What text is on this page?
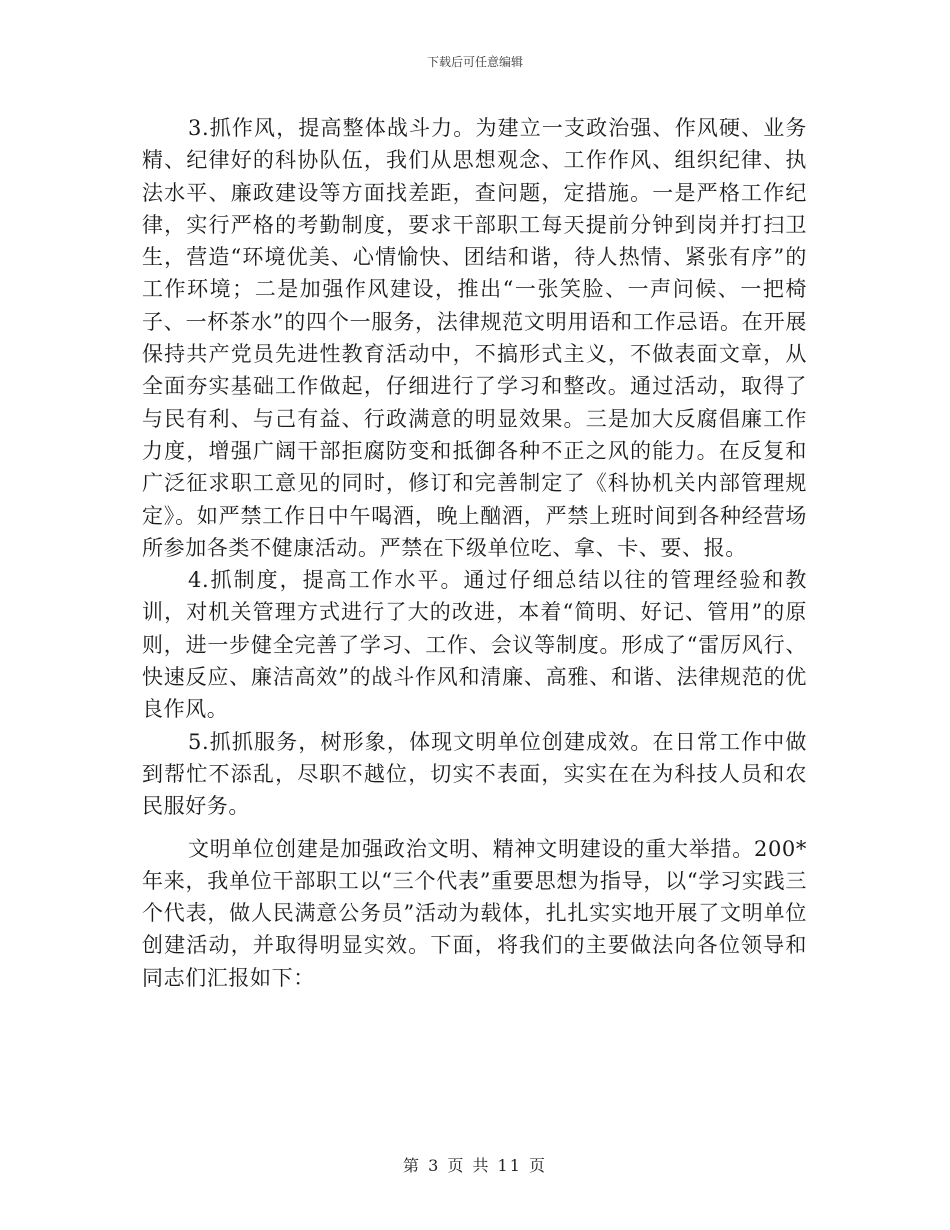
下载后可任意编辑

3.抓作风，提高整体战斗力。为建立一支政治强、作风硬、业务精、纪律好的科协队伍，我们从思想观念、工作作风、组织纪律、执法水平、廉政建设等方面找差距，查问题，定措施。一是严格工作纪律，实行严格的考勤制度，要求干部职工每天提前分钟到岗并打扫卫生，营造“环境优美、心情愉快、团结和谐，待人热情、紧张有序”的工作环境；二是加强作风建设，推出“一张笑脸、一声问候、一把椅子、一杯茶水”的四个一服务，法律规范文明用语和工作忌语。在开展保持共产党员先进性教育活动中，不搞形式主义，不做表面文章，从全面夯实基础工作做起，仔细进行了学习和整改。通过活动，取得了与民有利、与己有益、行政满意的明显效果。三是加大反腐倡廉工作力度，增强广阔干部拒腐防变和抵御各种不正之风的能力。在反复和广泛征求职工意见的同时，修订和完善制定了《科协机关内部管理规定》。如严禁工作日中午喝酒，晚上酗酒，严禁上班时间到各种经营场所参加各类不健康活动。严禁在下级单位吃、拿、卡、要、报。

4.抓制度，提高工作水平。通过仔细总结以往的管理经验和教训，对机关管理方式进行了大的改进，本着“简明、好记、管用”的原则，进一步健全完善了学习、工作、会议等制度。形成了“雷厉风行、快速反应、廉洁高效”的战斗作风和清廉、高雅、和谐、法律规范的优良作风。

5.抓抓服务，树形象，体现文明单位创建成效。在日常工作中做到帮忙不添乱，尽职不越位，切实不表面，实实在在为科技人员和农民服好务。

文明单位创建是加强政治文明、精神文明建设的重大举措。200*年来，我单位干部职工以“三个代表”重要思想为指导，以“学习实践三个代表，做人民满意公务员”活动为载体，扎扎实实地开展了文明单位创建活动，并取得明显实效。下面，将我们的主要做法向各位领导和同志们汇报如下：

第 3 页 共 11 页
